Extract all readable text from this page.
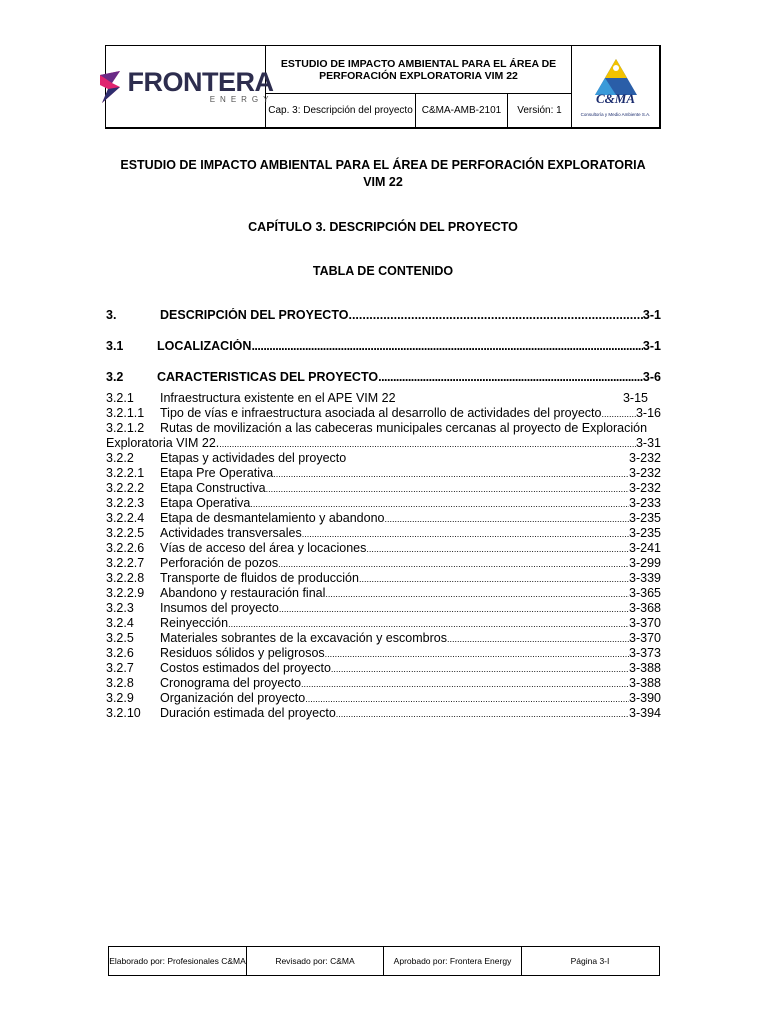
FRONTERA
ENERGY
ESTUDIO DE IMPACTO AMBIENTAL PARA EL ÁREA DE PERFORACIÓN EXPLORATORIA VIM 22
Cap. 3: Descripción del proyecto C&MA-AMB-2101	Versión: 1
C&MA
Consultoría y Medio Ambiente S.A.
ESTUDIO DE IMPACTO AMBIENTAL PARA EL ÁREA DE PERFORACIÓN EXPLORATORIA
VIM 22
CAPÍTULO 3. DESCRIPCIÓN DEL PROYECTO
TABLA DE CONTENIDO
3.	DESCRIPCIÓN DEL PROYECTO .....	3-1
3.1	LOCALIZACIÓN .....	3-1
3.2	CARACTERISTICAS DEL PROYECTO .....	3-6
3.2.1	Infraestructura existente en el APE VIM 22	3-15
3.2.1.1	Tipo de vías e infraestructura asociada al desarrollo de actividades del proyecto .....	3-16
3.2.1.2	Rutas de movilización a las cabeceras municipales cercanas al proyecto de Exploración
Exploratoria VIM 22. .....	3-31
3.2.2	Etapas y actividades del proyecto	3-232
3.2.2.1	Etapa Pre Operativa .....	3-232
3.2.2.2	Etapa Constructiva .....	3-232
3.2.2.3	Etapa Operativa .....	3-233
3.2.2.4	Etapa de desmantelamiento y abandono .....	3-235
3.2.2.5	Actividades transversales .....	3-235
3.2.2.6	Vías de acceso del área y locaciones .....	3-241
3.2.2.7	Perforación de pozos .....	3-299
3.2.2.8	Transporte de fluidos de producción .....	3-339
3.2.2.9	Abandono y restauración final .....	3-365
3.2.3	Insumos del proyecto .....	3-368
3.2.4	Reinyección .....	3-370
3.2.5	Materiales sobrantes de la excavación y escombros .....	3-370
3.2.6	Residuos sólidos y peligrosos .....	3-373
3.2.7	Costos estimados del proyecto .....	3-388
3.2.8	Cronograma del proyecto .....	3-388
3.2.9	Organización del proyecto .....	3-390
3.2.10	Duración estimada del proyecto .....	3-394
Elaborado por: Profesionales C&MA	Revisado por: C&MA	Aprobado por: Frontera Energy	Página 3-I
